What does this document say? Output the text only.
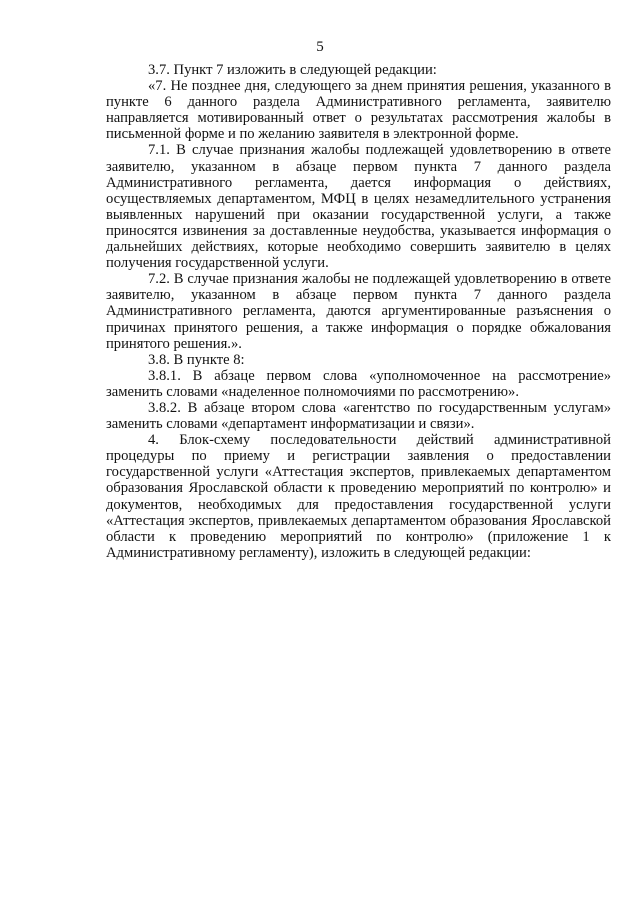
5

3.7. Пункт 7 изложить в следующей редакции:

«7. Не позднее дня, следующего за днем принятия решения, указанного в пункте 6 данного раздела Административного регламента, заявителю направляется мотивированный ответ о результатах рассмотрения жалобы в письменной форме и по желанию заявителя в электронной форме.

7.1. В случае признания жалобы подлежащей удовлетворению в ответе заявителю, указанном в абзаце первом пункта 7 данного раздела Административного регламента, дается информация о действиях, осуществляемых департаментом, МФЦ в целях незамедлительного устранения выявленных нарушений при оказании государственной услуги, а также приносятся извинения за доставленные неудобства, указывается информация о дальнейших действиях, которые необходимо совершить заявителю в целях получения государственной услуги.

7.2. В случае признания жалобы не подлежащей удовлетворению в ответе заявителю, указанном в абзаце первом пункта 7 данного раздела Административного регламента, даются аргументированные разъяснения о причинах принятого решения, а также информация о порядке обжалования принятого решения.».

3.8. В пункте 8:

3.8.1. В абзаце первом слова «уполномоченное на рассмотрение» заменить словами «наделенное полномочиями по рассмотрению».

3.8.2. В абзаце втором слова «агентство по государственным услугам» заменить словами «департамент информатизации и связи».

4. Блок-схему последовательности действий административной процедуры по приему и регистрации заявления о предоставлении государственной услуги «Аттестация экспертов, привлекаемых департаментом образования Ярославской области к проведению мероприятий по контролю» и документов, необходимых для предоставления государственной услуги «Аттестация экспертов, привлекаемых департаментом образования Ярославской области к проведению мероприятий по контролю» (приложение 1 к Административному регламенту), изложить в следующей редакции:
